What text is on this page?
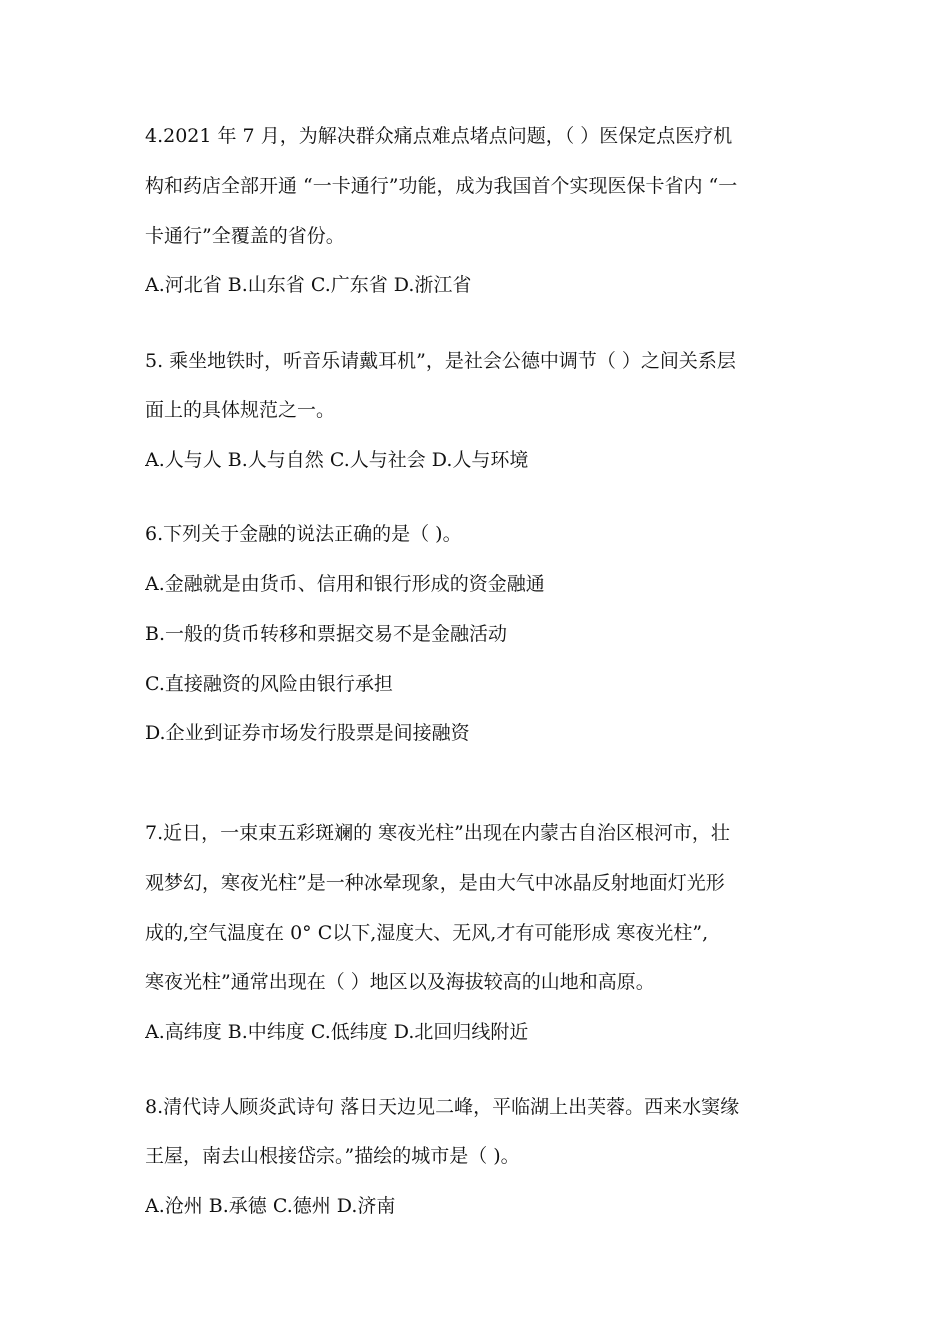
4.2021 年 7 月，为解决群众痛点难点堵点问题，（ ）医保定点医疗机
构和药店全部开通 “一卡通行”功能，成为我国首个实现医保卡省内 “一
卡通行”全覆盖的省份。
A.河北省 B.山东省 C.广东省 D.浙江省
5. 乘坐地铁时，听音乐请戴耳机”，是社会公德中调节（ ）之间关系层
面上的具体规范之一。
A.人与人 B.人与自然 C.人与社会 D.人与环境
6.下列关于金融的说法正确的是（ )。
A.金融就是由货币、信用和银行形成的资金融通
B.一般的货币转移和票据交易不是金融活动
C.直接融资的风险由银行承担
D.企业到证券市场发行股票是间接融资
7.近日，一束束五彩斑斓的 寒夜光柱”出现在内蒙古自治区根河市，壮
观梦幻，寒夜光柱”是一种冰晕现象，是由大气中冰晶反射地面灯光形
成的,空气温度在 0° C以下,湿度大、无风,才有可能形成 寒夜光柱”,
寒夜光柱”通常出现在（ ）地区以及海拔较高的山地和高原。
A.高纬度 B.中纬度 C.低纬度 D.北回归线附近
8.清代诗人顾炎武诗句 落日天边见二峰，平临湖上出芙蓉。西来水窦缘
王屋，南去山根接岱宗。”描绘的城市是（ )。
A.沧州 B.承德 C.德州 D.济南
